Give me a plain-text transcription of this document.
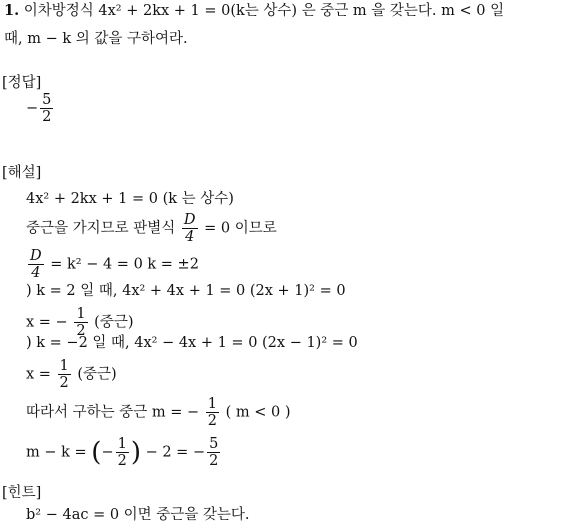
1. 이차방정식 4x² + 2kx + 1 = 0(k는 상수) 은 중근 m 을 갖는다. m < 0 일
때, m − k 의 값을 구하여라.
[정답]
− $\frac{5}{2}$
[해설]
4x² + 2kx + 1 = 0 (k 는 상수)
중근을 가지므로 판별식 $\frac{D}{4} = 0$ 이므로
$\frac{D}{4} = k^2 - 4 = 0$ k = ±2
) k = 2 일 때, 4x² + 4x + 1 = 0 (2x + 1)² = 0
x = − $\frac{1}{2}$ (중근)
) k = −2 일 때, 4x² − 4x + 1 = 0 (2x − 1)² = 0
$x = \frac{1}{2}$ (중근)
따라서 구하는 중근 m = − $\frac{1}{2}$ ( m < 0 )
m − k = (− $\frac{1}{2}$ ) − 2 = − $\frac{5}{2}$
[힌트]
b² − 4ac = 0 이면 중근을 갖는다.
